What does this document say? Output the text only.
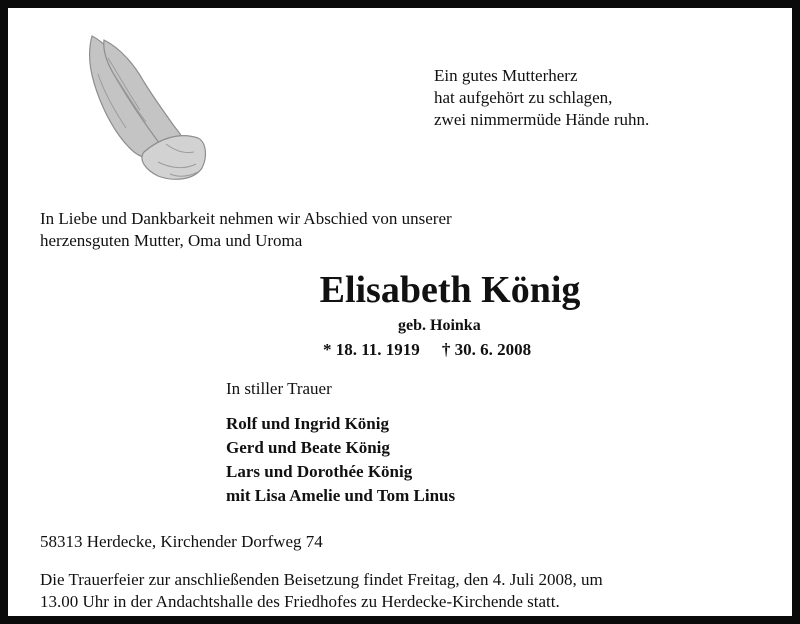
Ein gutes Mutterherz
hat aufgehört zu schlagen,
zwei nimmermüde Hände ruhn.
In Liebe und Dankbarkeit nehmen wir Abschied von unserer
herzensguten Mutter, Oma und Uroma
Elisabeth König
geb. Hoinka
* 18. 11. 1919 † 30. 6. 2008
In stiller Trauer
Rolf und Ingrid König
Gerd und Beate König
Lars und Dorothée König
mit Lisa Amelie und Tom Linus
58313 Herdecke, Kirchender Dorfweg 74
Die Trauerfeier zur anschließenden Beisetzung findet Freitag, den 4. Juli 2008, um
13.00 Uhr in der Andachtshalle des Friedhofes zu Herdecke-Kirchende statt.
